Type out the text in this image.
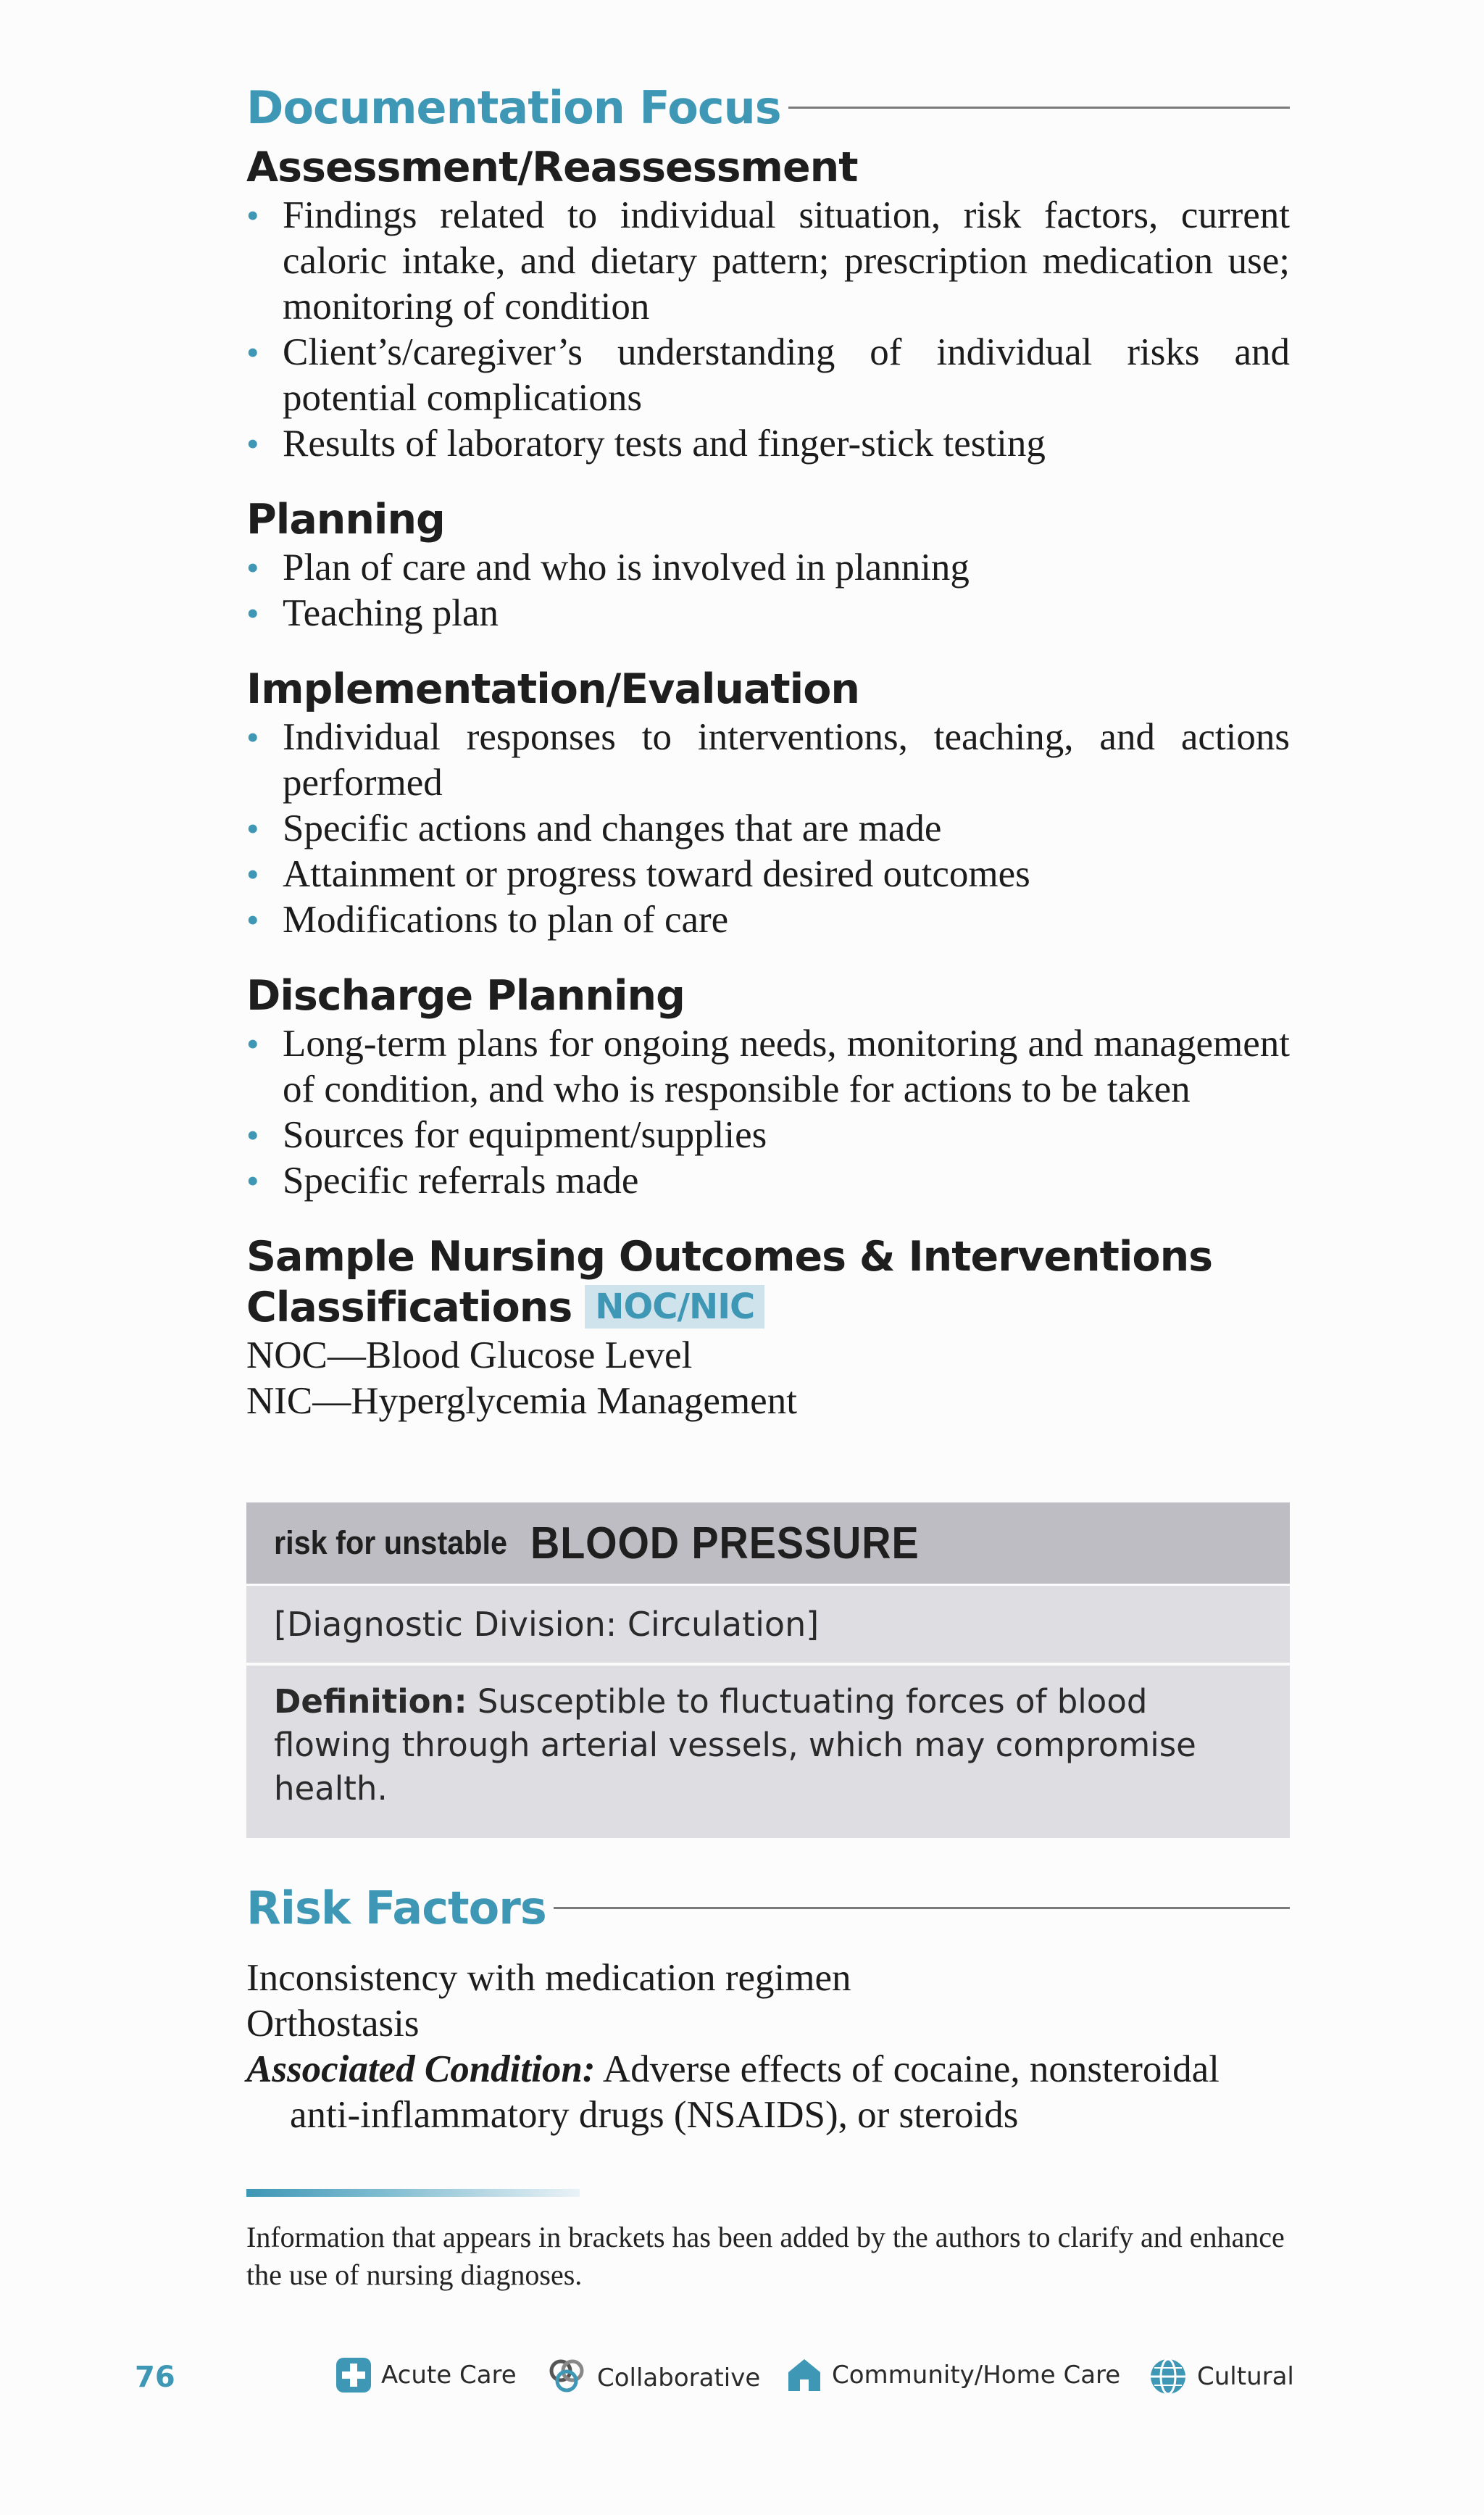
Documentation Focus
Assessment/Reassessment
• Findings related to individual situation, risk factors, current caloric intake, and dietary pattern; prescription medication use; monitoring of condition
• Client’s/caregiver’s understanding of individual risks and potential complications
• Results of laboratory tests and finger-stick testing
Planning
• Plan of care and who is involved in planning
• Teaching plan
Implementation/Evaluation
• Individual responses to interventions, teaching, and actions performed
• Specific actions and changes that are made
• Attainment or progress toward desired outcomes
• Modifications to plan of care
Discharge Planning
• Long-term plans for ongoing needs, monitoring and management of condition, and who is responsible for actions to be taken
• Sources for equipment/supplies
• Specific referrals made
Sample Nursing Outcomes & Interventions
Classifications NOC/NIC
NOC—Blood Glucose Level
NIC—Hyperglycemia Management
risk for unstable BLOOD PRESSURE
[Diagnostic Division: Circulation]
Definition: Susceptible to fluctuating forces of blood flowing through arterial vessels, which may compromise health.
Risk Factors
Inconsistency with medication regimen
Orthostasis
Associated Condition: Adverse effects of cocaine, nonsteroidal anti-inflammatory drugs (NSAIDS), or steroids
Information that appears in brackets has been added by the authors to clarify and enhance the use of nursing diagnoses.
76	Acute Care	Collaborative	Community/Home Care	Cultural
